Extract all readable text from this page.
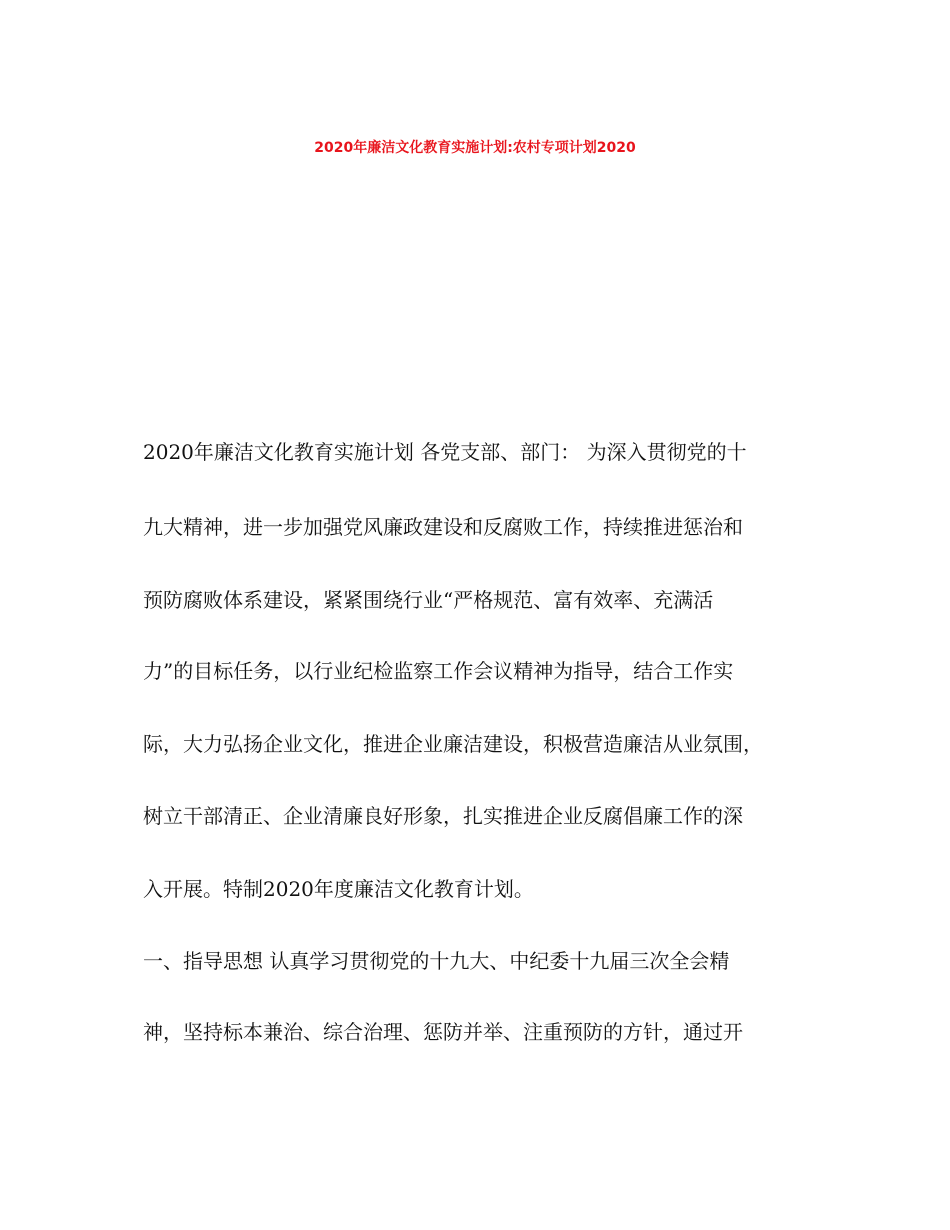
2020年廉洁文化教育实施计划:农村专项计划2020
2020年廉洁文化教育实施计划 各党支部、部门： 为深入贯彻党的十
九大精神，进一步加强党风廉政建设和反腐败工作，持续推进惩治和
预防腐败体系建设，紧紧围绕行业“严格规范、富有效率、充满活
力”的目标任务，以行业纪检监察工作会议精神为指导，结合工作实
际，大力弘扬企业文化，推进企业廉洁建设，积极营造廉洁从业氛围，
树立干部清正、企业清廉良好形象，扎实推进企业反腐倡廉工作的深
入开展。特制2020年度廉洁文化教育计划。
一、指导思想 认真学习贯彻党的十九大、中纪委十九届三次全会精
神，坚持标本兼治、综合治理、惩防并举、注重预防的方针，通过开
